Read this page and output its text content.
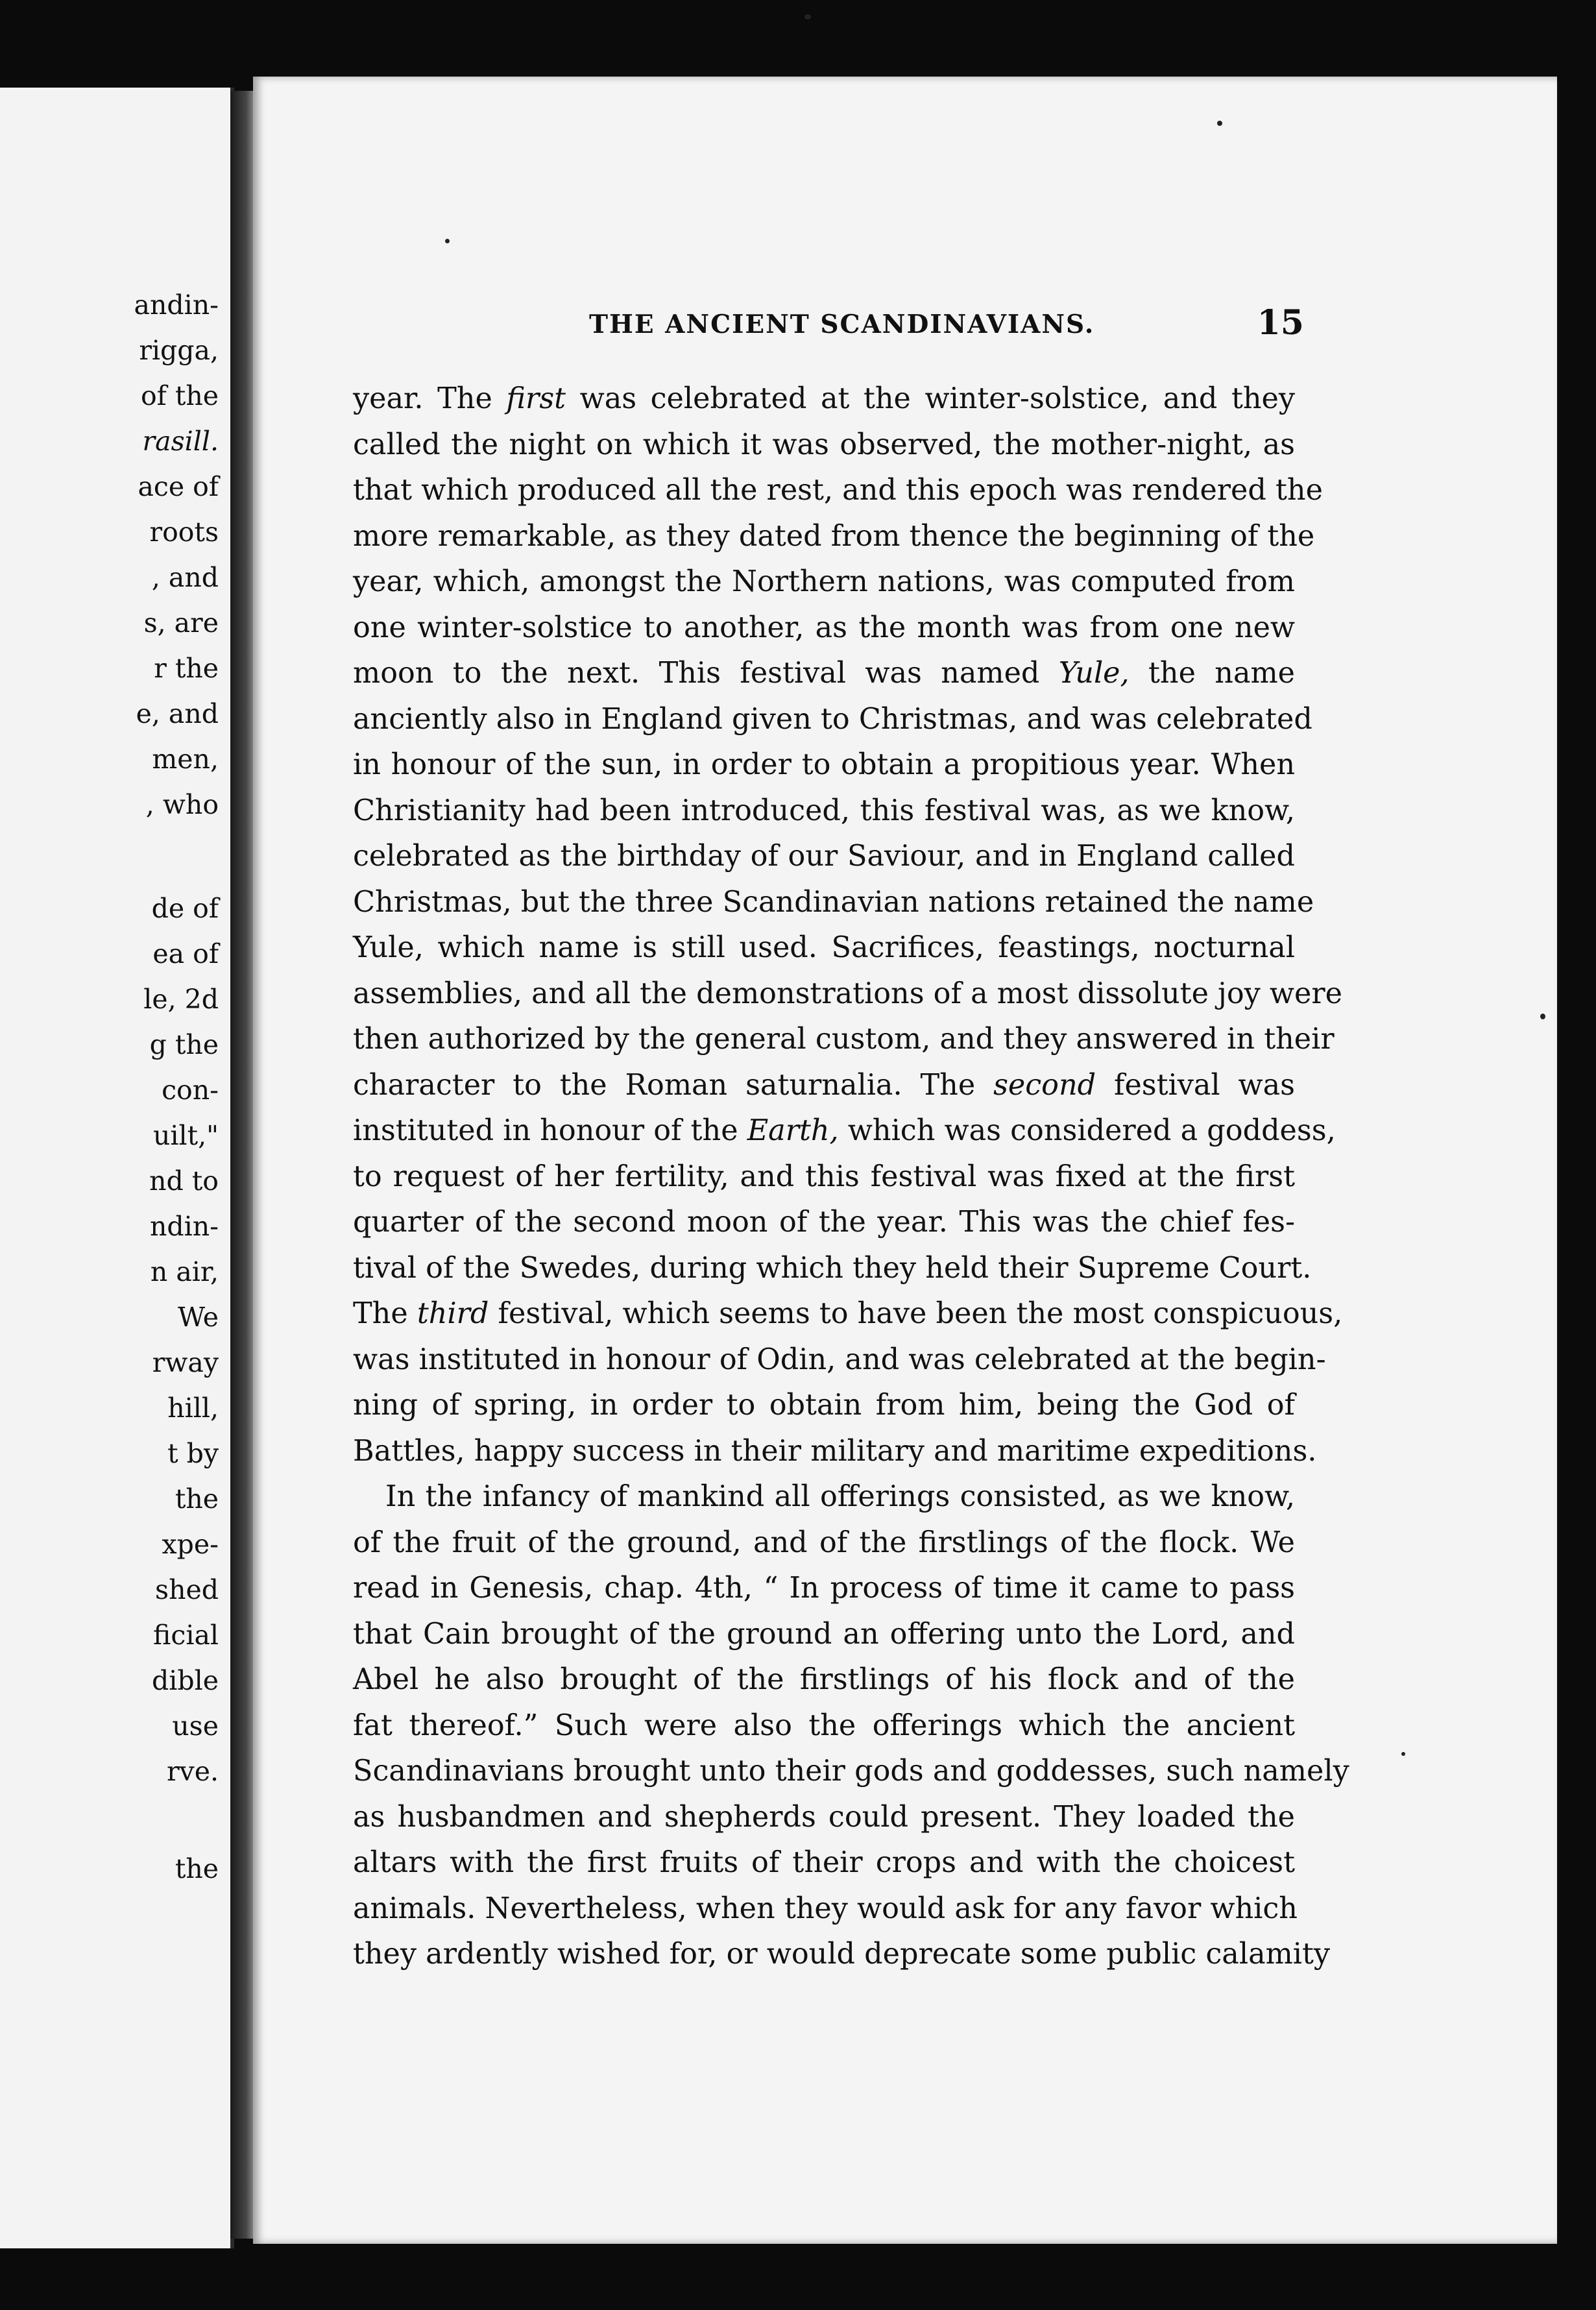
andin-
rigga,
of the
rasill.
ace of
roots
, and
s, are
r the
e, and
men,
, who
de of
ea of
le, 2d
g the
con-
uilt,"
nd to
ndin-
n air,
We
rway
hill,
t by
the
xpe-
shed
ficial
dible
use
rve.
the
THE ANCIENT SCANDINAVIANS.	15
year. The first was celebrated at the winter-solstice, and they
called the night on which it was observed, the mother-night, as
that which produced all the rest, and this epoch was rendered the
more remarkable, as they dated from thence the beginning of the
year, which, amongst the Northern nations, was computed from
one winter-solstice to another, as the month was from one new
moon to the next. This festival was named Yule, the name
anciently also in England given to Christmas, and was celebrated
in honour of the sun, in order to obtain a propitious year. When
Christianity had been introduced, this festival was, as we know,
celebrated as the birthday of our Saviour, and in England called
Christmas, but the three Scandinavian nations retained the name
Yule, which name is still used. Sacrifices, feastings, nocturnal
assemblies, and all the demonstrations of a most dissolute joy were
then authorized by the general custom, and they answered in their
character to the Roman saturnalia. The second festival was
instituted in honour of the Earth, which was considered a goddess,
to request of her fertility, and this festival was fixed at the first
quarter of the second moon of the year. This was the chief fes-
tival of the Swedes, during which they held their Supreme Court.
The third festival, which seems to have been the most conspicuous,
was instituted in honour of Odin, and was celebrated at the begin-
ning of spring, in order to obtain from him, being the God of
Battles, happy success in their military and maritime expeditions.
In the infancy of mankind all offerings consisted, as we know,
of the fruit of the ground, and of the firstlings of the flock. We
read in Genesis, chap. 4th, “ In process of time it came to pass
that Cain brought of the ground an offering unto the Lord, and
Abel he also brought of the firstlings of his flock and of the
fat thereof.” Such were also the offerings which the ancient
Scandinavians brought unto their gods and goddesses, such namely
as husbandmen and shepherds could present. They loaded the
altars with the first fruits of their crops and with the choicest
animals. Nevertheless, when they would ask for any favor which
they ardently wished for, or would deprecate some public calamity
